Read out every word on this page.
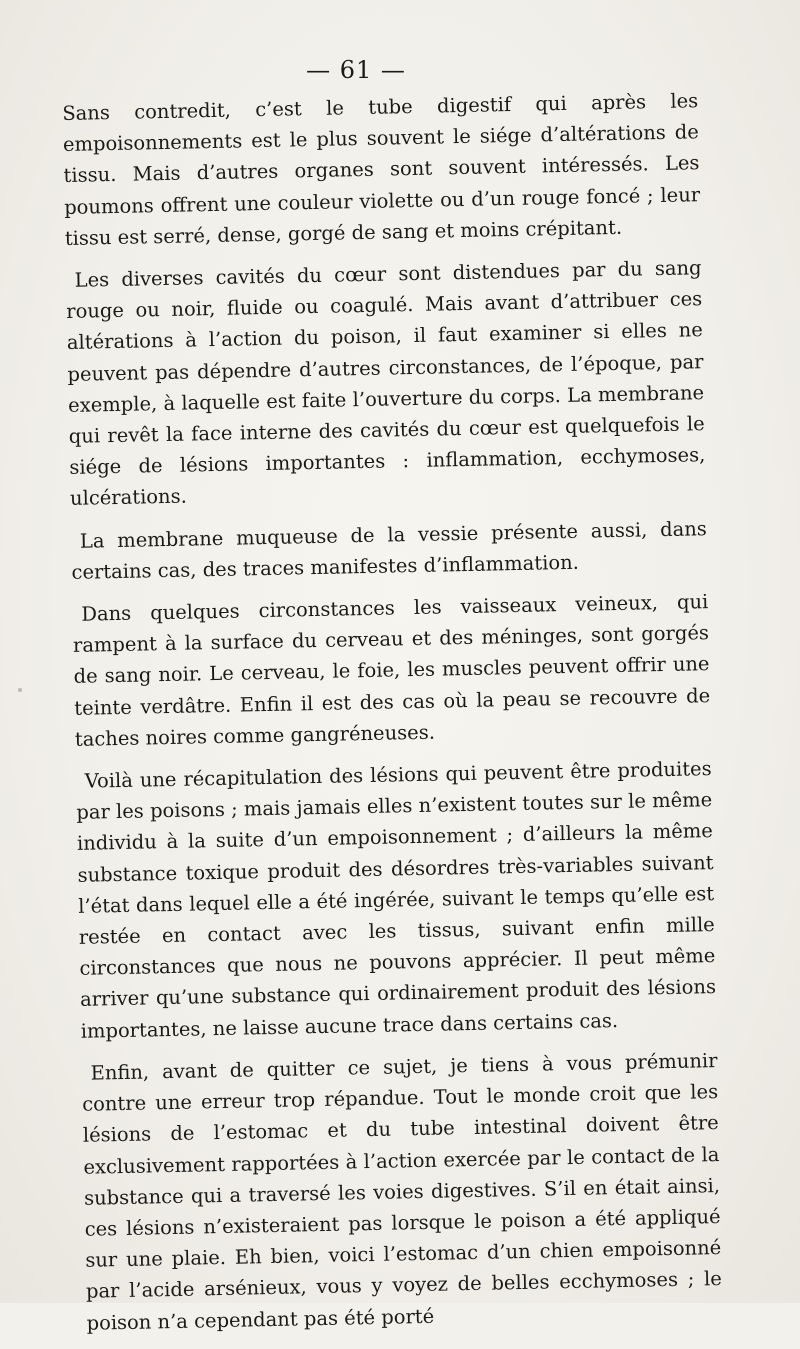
— 61 —

Sans contredit, c’est le tube digestif qui après les empoisonnements est le plus souvent le siége d’altérations de tissu. Mais d’autres organes sont souvent intéressés. Les poumons offrent une couleur violette ou d’un rouge foncé ; leur tissu est serré, dense, gorgé de sang et moins crépitant.

Les diverses cavités du cœur sont distendues par du sang rouge ou noir, fluide ou coagulé. Mais avant d’attribuer ces altérations à l’action du poison, il faut examiner si elles ne peuvent pas dépendre d’autres circonstances, de l’époque, par exemple, à laquelle est faite l’ouverture du corps. La membrane qui revêt la face interne des cavités du cœur est quelquefois le siége de lésions importantes : inflammation, ecchymoses, ulcérations.

La membrane muqueuse de la vessie présente aussi, dans certains cas, des traces manifestes d’inflammation.

Dans quelques circonstances les vaisseaux veineux, qui rampent à la surface du cerveau et des méninges, sont gorgés de sang noir. Le cerveau, le foie, les muscles peuvent offrir une teinte verdâtre. Enfin il est des cas où la peau se recouvre de taches noires comme gangréneuses.

Voilà une récapitulation des lésions qui peuvent être produites par les poisons ; mais jamais elles n’existent toutes sur le même individu à la suite d’un empoisonnement ; d’ailleurs la même substance toxique produit des désordres très-variables suivant l’état dans lequel elle a été ingérée, suivant le temps qu’elle est restée en contact avec les tissus, suivant enfin mille circonstances que nous ne pouvons apprécier. Il peut même arriver qu’une substance qui ordinairement produit des lésions importantes, ne laisse aucune trace dans certains cas.

Enfin, avant de quitter ce sujet, je tiens à vous prémunir contre une erreur trop répandue. Tout le monde croit que les lésions de l’estomac et du tube intestinal doivent être exclusivement rapportées à l’action exercée par le contact de la substance qui a traversé les voies digestives. S’il en était ainsi, ces lésions n’existeraient pas lorsque le poison a été appliqué sur une plaie. Eh bien, voici l’estomac d’un chien empoisonné par l’acide arsénieux, vous y voyez de belles ecchymoses ; le poison n’a cependant pas été porté
